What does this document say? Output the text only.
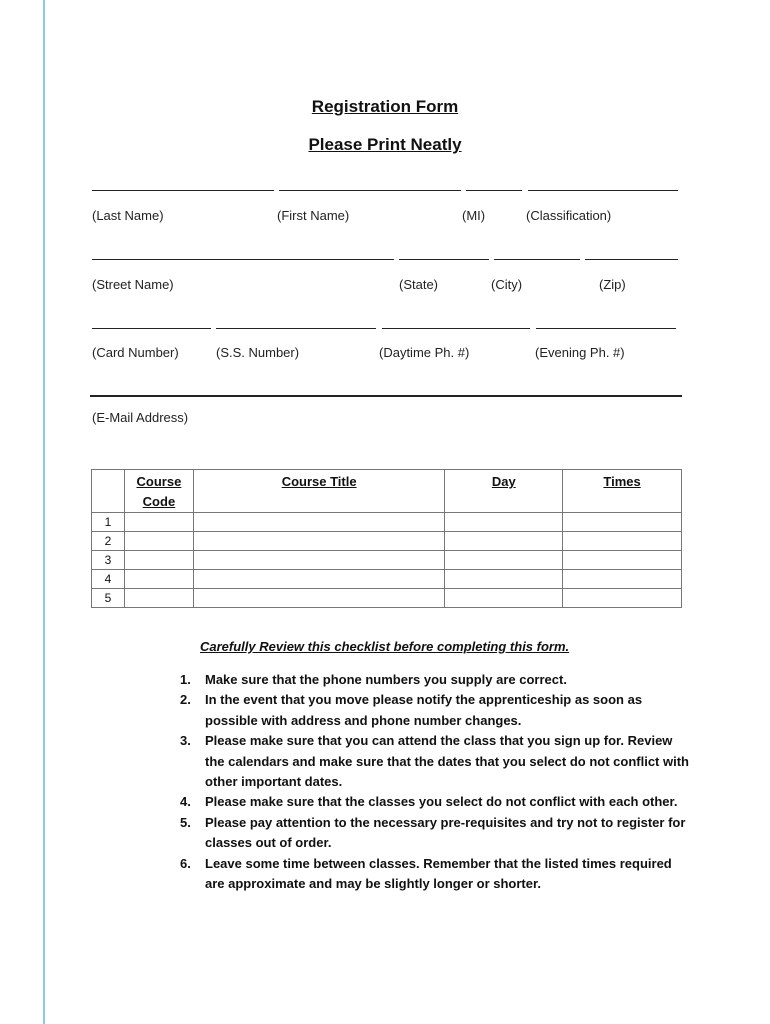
Registration Form
Please Print Neatly
(Last Name)	(First Name)	(MI)	(Classification)
(Street Name)	(State)	(City)	(Zip)
(Card Number)	(S.S. Number)	(Daytime Ph. #)	(Evening Ph. #)
(E-Mail Address)
	Course Code	Course Title	Day	Times
1				
2				
3				
4				
5				
Carefully Review this checklist before completing this form.
1. Make sure that the phone numbers you supply are correct.
2. In the event that you move please notify the apprenticeship as soon as possible with address and phone number changes.
3. Please make sure that you can attend the class that you sign up for. Review the calendars and make sure that the dates that you select do not conflict with other important dates.
4. Please make sure that the classes you select do not conflict with each other.
5. Please pay attention to the necessary pre-requisites and try not to register for classes out of order.
6. Leave some time between classes. Remember that the listed times required are approximate and may be slightly longer or shorter.
